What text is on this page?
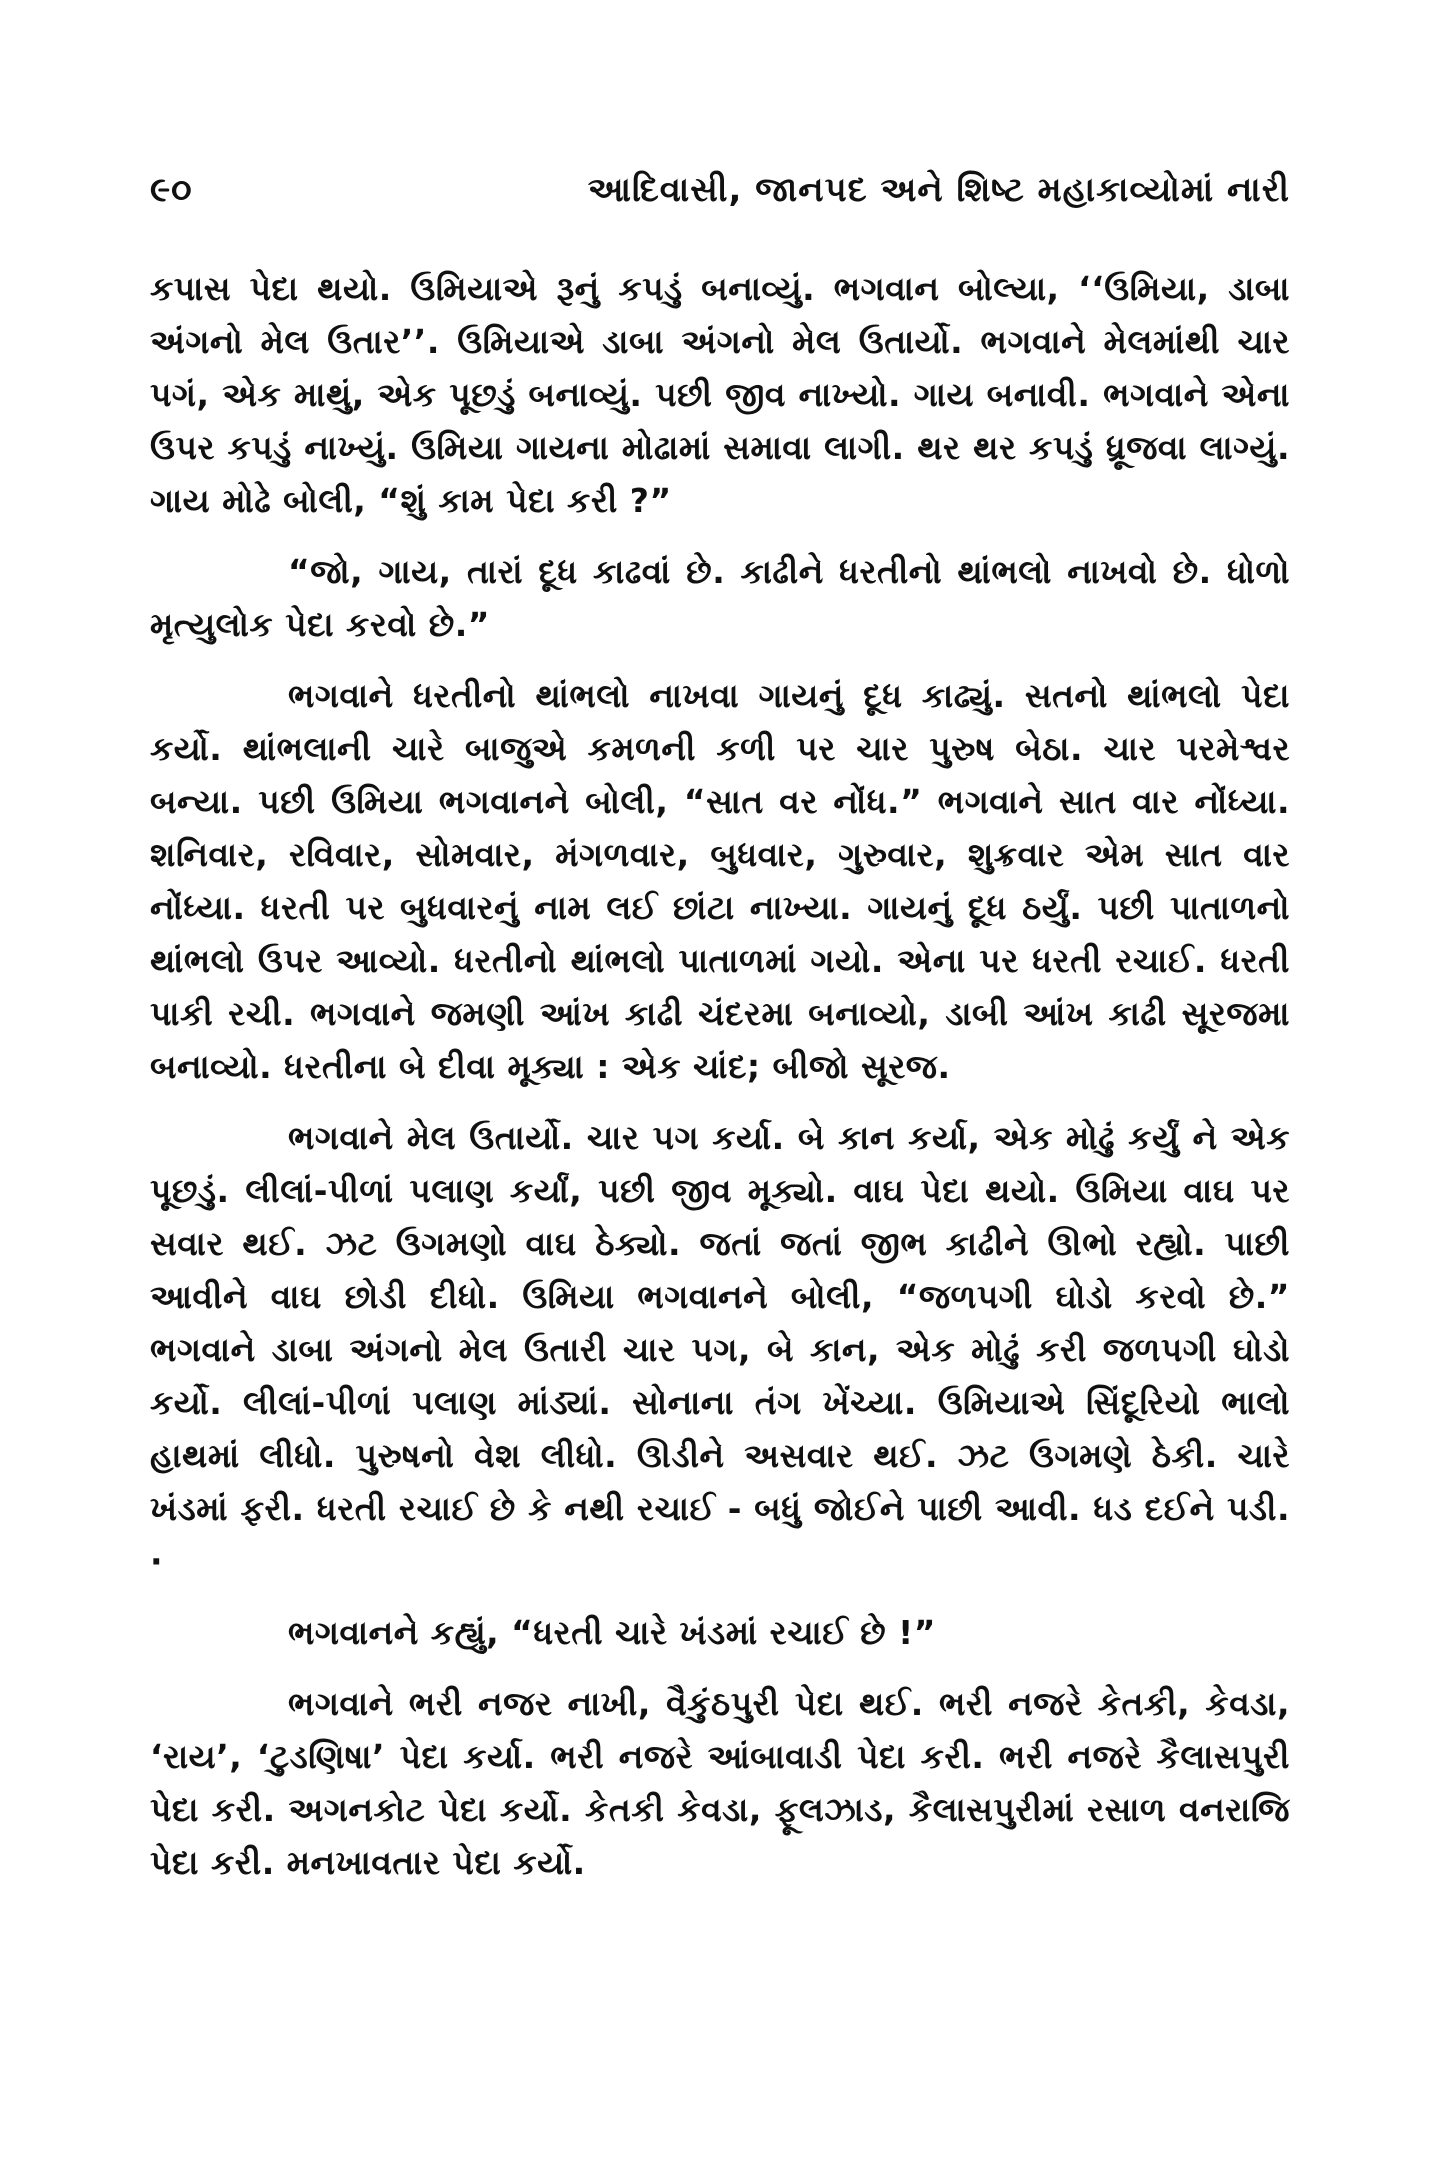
૯૦	આદિવાસી, જાનપદ અને શિષ્ટ મહાકાવ્યોમાં નારી

કપાસ પેદા થયો. ઉમિયાએ રૂનું કપડું બનાવ્યું. ભગવાન બોલ્યા, ‘‘ઉમિયા, ડાબા અંગનો મેલ ઉતાર’’. ઉમિયાએ ડાબા અંગનો મેલ ઉતાર્યો. ભગવાને મેલમાંથી ચાર પગં, એક માથું, એક પૂછડું બનાવ્યું. પછી જીવ નાખ્યો. ગાય બનાવી. ભગવાને એના ઉપર કપડું નાખ્યું. ઉમિયા ગાયના મોઢામાં સમાવા લાગી. થર થર કપડું ધ્રૂજવા લાગ્યું. ગાય મોઢે બોલી, “શું કામ પેદા કરી ?”

“જો, ગાય, તારાં દૂધ કાઢવાં છે. કાઢીને ધરતીનો થાંભલો નાખવો છે. ધોળો મૃત્યુલોક પેદા કરવો છે.”

ભગવાને ધરતીનો થાંભલો નાખવા ગાયનું દૂધ કાઢ્યું. સતનો થાંભલો પેદા કર્યો. થાંભલાની ચારે બાજુએ કમળની કળી પર ચાર પુરુષ બેઠા. ચાર પરમેશ્વર બન્યા. પછી ઉમિયા ભગવાનને બોલી, “સાત વર નોંધ.” ભગવાને સાત વાર નોંધ્યા. શનિવાર, રવિવાર, સોમવાર, મંગળવાર, બુધવાર, ગુરુવાર, શુક્રવાર એમ સાત વાર નોંધ્યા. ધરતી પર બુધવારનું નામ લઈ છાંટા નાખ્યા. ગાયનું દૂધ ઠર્યું. પછી પાતાળનો થાંભલો ઉપર આવ્યો. ધરતીનો થાંભલો પાતાળમાં ગયો. એના પર ધરતી રચાઈ. ધરતી પાકી રચી. ભગવાને જમણી આંખ કાઢી ચંદરમા બનાવ્યો, ડાબી આંખ કાઢી સૂરજમા બનાવ્યો. ધરતીના બે દીવા મૂક્યા : એક ચાંદ; બીજો સૂરજ.

ભગવાને મેલ ઉતાર્યો. ચાર પગ કર્યા. બે કાન કર્યા, એક મોઢું કર્યું ને એક પૂછડું. લીલાં-પીળાં પલાણ કર્યાં, પછી જીવ મૂક્યો. વાઘ પેદા થયો. ઉમિયા વાઘ પર સવાર થઈ. ઝટ ઉગમણો વાઘ ઠેક્યો. જતાં જતાં જીભ કાઢીને ઊભો રહ્યો. પાછી આવીને વાઘ છોડી દીધો. ઉમિયા ભગવાનને બોલી, “જળપગી ઘોડો કરવો છે.” ભગવાને ડાબા અંગનો મેલ ઉતારી ચાર પગ, બે કાન, એક મોઢું કરી જળપગી ઘોડો કર્યો. લીલાં-પીળાં પલાણ માંડ્યાં. સોનાના તંગ ખેંચ્યા. ઉમિયાએ સિંદૂરિયો ભાલો હાથમાં લીધો. પુરુષનો વેશ લીધો. ઊડીને અસવાર થઈ. ઝટ ઉગમણે ઠેકી. ચારે ખંડમાં ફરી. ધરતી રચાઈ છે કે નથી રચાઈ - બધું જોઈને પાછી આવી. ધડ દઈને પડી. ·

ભગવાનને કહ્યું, “ધરતી ચારે ખંડમાં રચાઈ છે !”

ભગવાને ભરી નજર નાખી, વૈકુંઠપુરી પેદા થઈ. ભરી નજરે કેતકી, કેવડા, ‘રાય’, ‘ટુડણિષા’ પેદા કર્યા. ભરી નજરે આંબાવાડી પેદા કરી. ભરી નજરે કૈલાસપુરી પેદા કરી. અગનકોટ પેદા કર્યો. કેતકી કેવડા, ફૂલઝાડ, કૈલાસપુરીમાં રસાળ વનરાજિ પેદા કરી. મનખાવતાર પેદા કર્યો.
